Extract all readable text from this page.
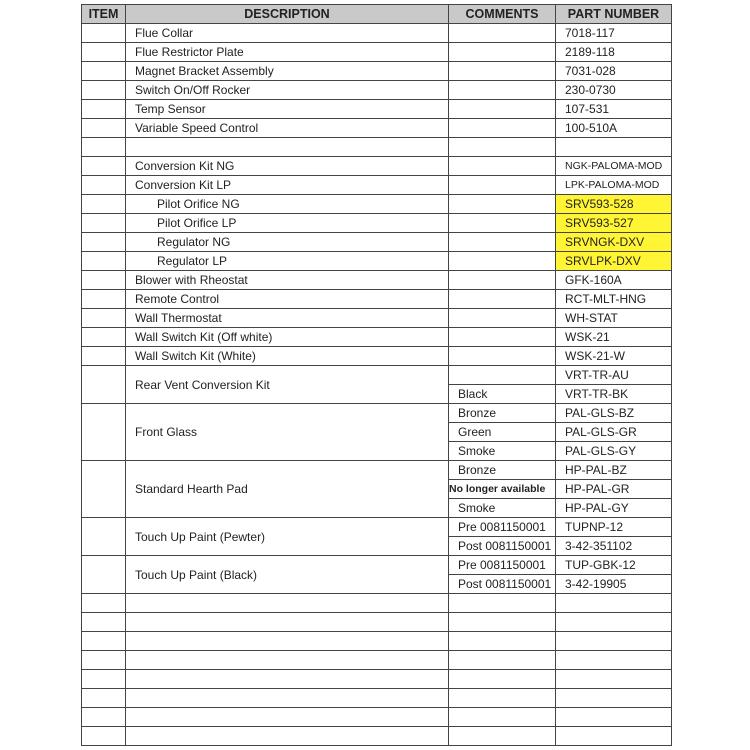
ITEM	DESCRIPTION	COMMENTS	PART NUMBER
	Flue Collar		7018-117
	Flue Restrictor Plate		2189-118
	Magnet Bracket Assembly		7031-028
	Switch On/Off Rocker		230-0730
	Temp Sensor		107-531
	Variable Speed Control		100-510A

	Conversion Kit NG		NGK-PALOMA-MOD
	Conversion Kit LP		LPK-PALOMA-MOD
	Pilot Orifice NG		SRV593-528
	Pilot Orifice LP		SRV593-527
	Regulator NG		SRVNGK-DXV
	Regulator LP		SRVLPK-DXV
	Blower with Rheostat		GFK-160A
	Remote Control		RCT-MLT-HNG
	Wall Thermostat		WH-STAT
	Wall Switch Kit (Off white)		WSK-21
	Wall Switch Kit (White)		WSK-21-W
	Rear Vent Conversion Kit		VRT-TR-AU
		Black	VRT-TR-BK
	Front Glass	Bronze	PAL-GLS-BZ
		Green	PAL-GLS-GR
		Smoke	PAL-GLS-GY
	Standard Hearth Pad	Bronze	HP-PAL-BZ
		No longer available	HP-PAL-GR
		Smoke	HP-PAL-GY
	Touch Up Paint (Pewter)	Pre 0081150001	TUPNP-12
		Post 0081150001	3-42-351102
	Touch Up Paint (Black)	Pre 0081150001	TUP-GBK-12
		Post 0081150001	3-42-19905
